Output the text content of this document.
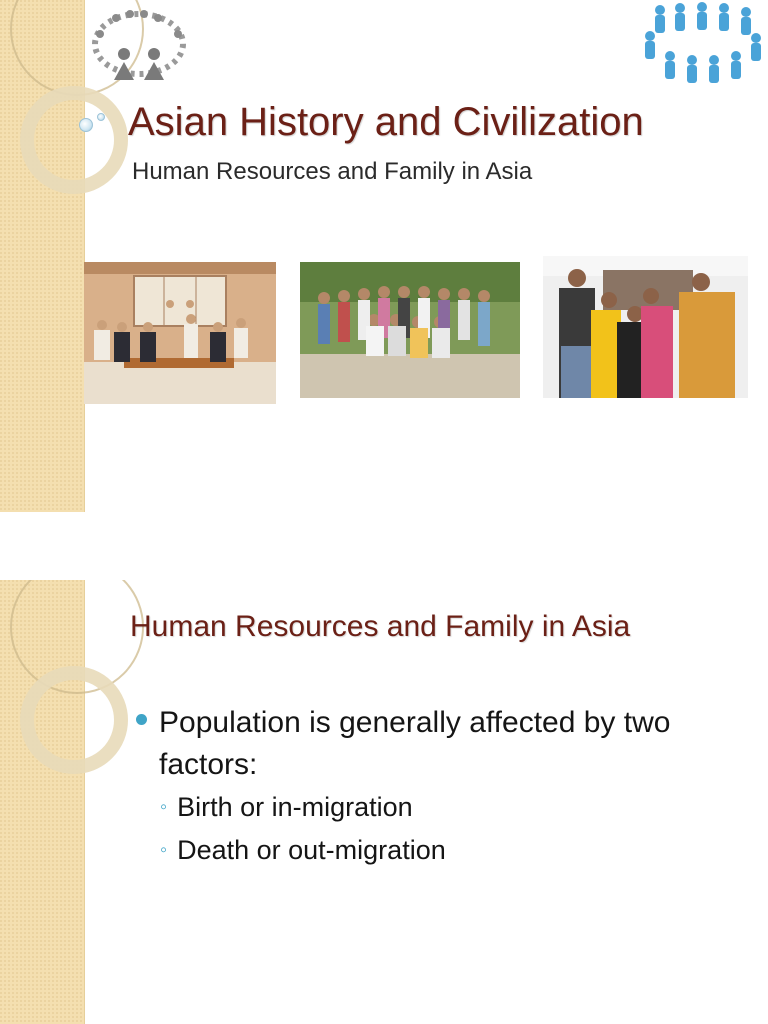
Asian History and Civilization
Human Resources and Family in Asia
Human Resources and Family in Asia
Population is generally affected by two factors:
◦ Birth or in-migration
◦ Death or out-migration
